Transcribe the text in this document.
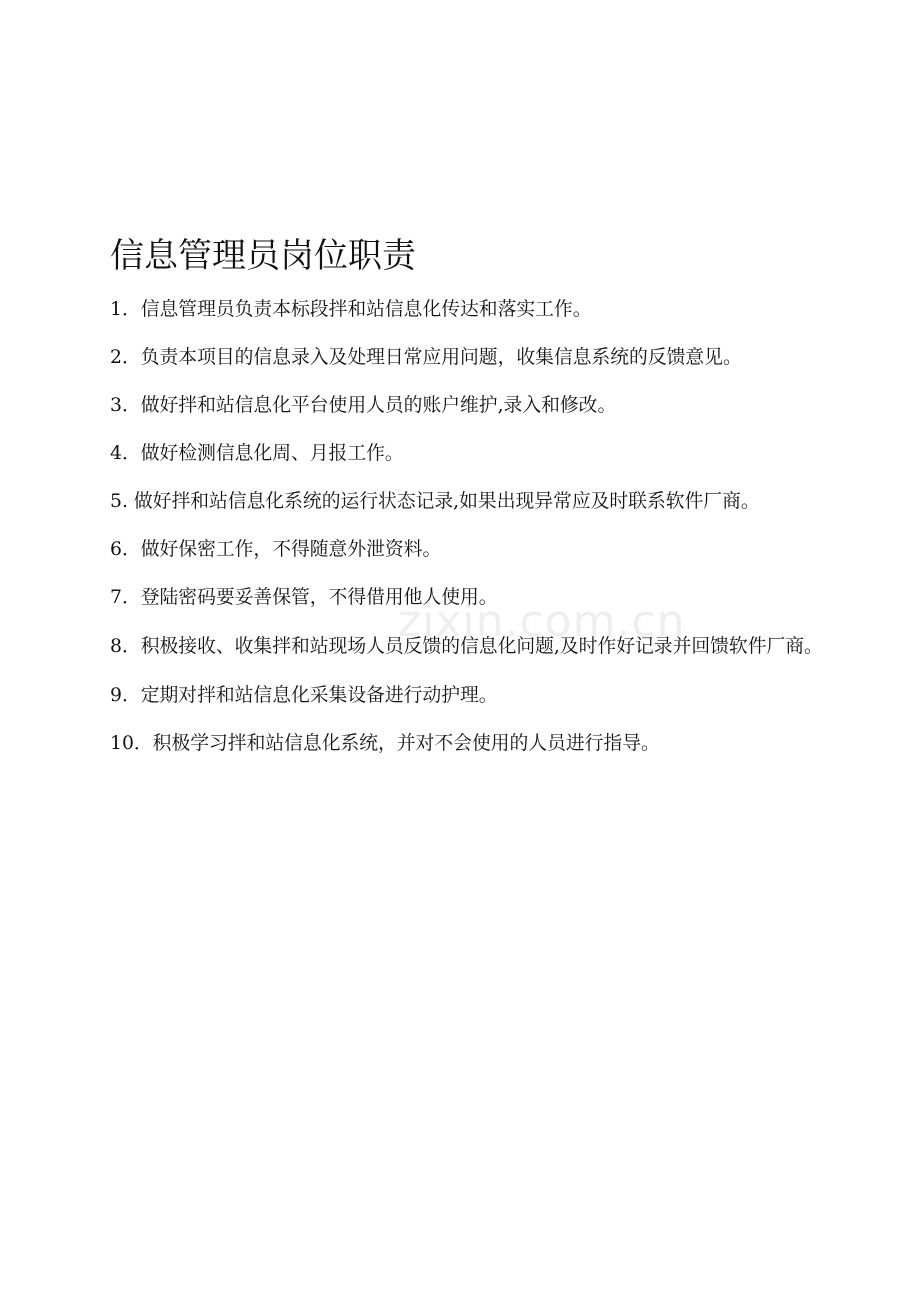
信息管理员岗位职责
1．信息管理员负责本标段拌和站信息化传达和落实工作。
2．负责本项目的信息录入及处理日常应用问题，收集信息系统的反馈意见。
3．做好拌和站信息化平台使用人员的账户维护,录入和修改。
4．做好检测信息化周、月报工作。
5. 做好拌和站信息化系统的运行状态记录,如果出现异常应及时联系软件厂商。
6．做好保密工作，不得随意外泄资料。
7．登陆密码要妥善保管，不得借用他人使用。
8．积极接收、收集拌和站现场人员反馈的信息化问题,及时作好记录并回馈软件厂商。
9．定期对拌和站信息化采集设备进行动护理。
10．积极学习拌和站信息化系统，并对不会使用的人员进行指导。
zixin.com.cn
